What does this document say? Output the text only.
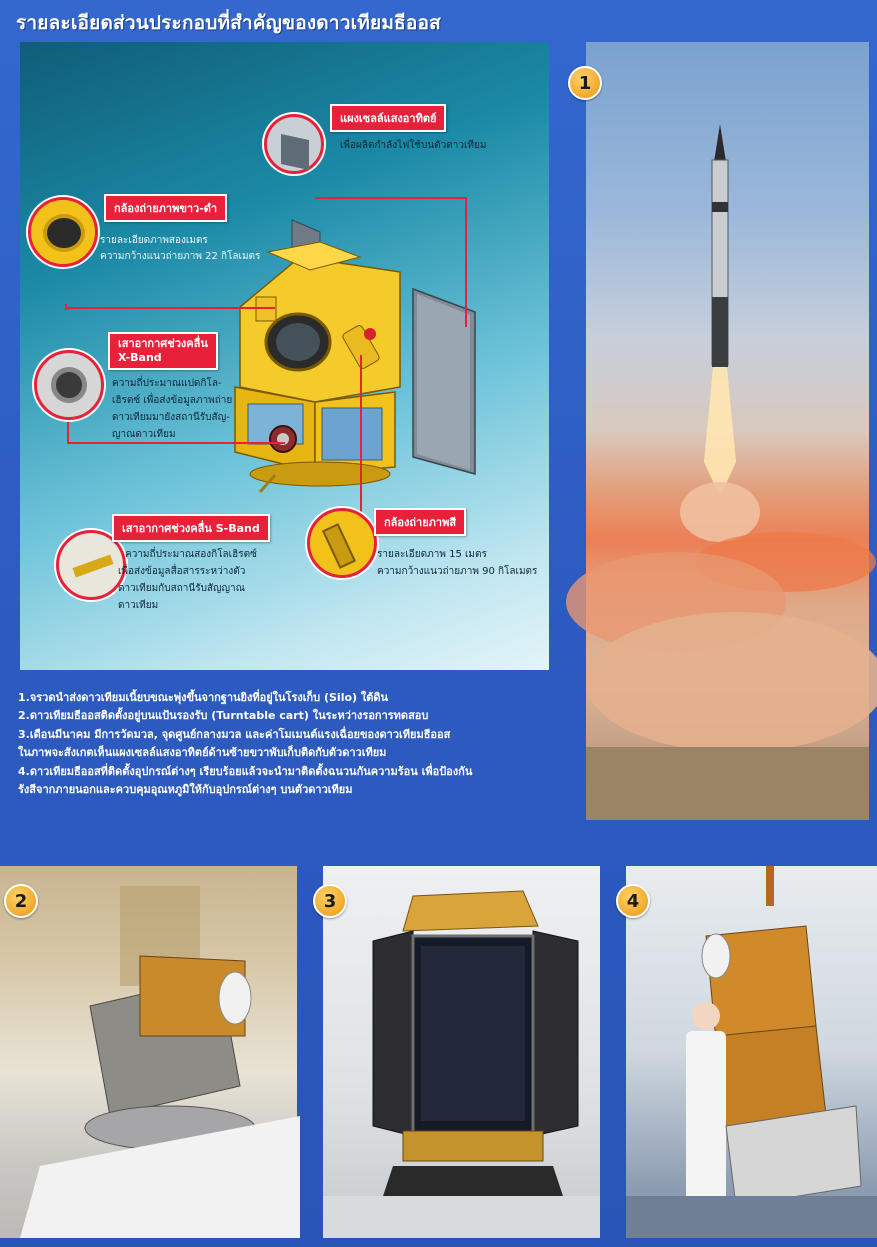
รายละเอียดส่วนประกอบที่สำคัญของดาวเทียมธีออส
แผงเซลล์แสงอาทิตย์
เพื่อผลิตกำลังไฟใช้บนตัวดาวเทียม
กล้องถ่ายภาพขาว-ดำ
รายละเอียดภาพสองเมตร
ความกว้างแนวถ่ายภาพ 22 กิโลเมตร
เสาอากาศช่วงคลื่น
X-Band
ความถี่ประมาณแปดกิโล-
เฮิรตซ์ เพื่อส่งข้อมูลภาพถ่าย
ดาวเทียมมายังสถานีรับสัญ-
ญาณดาวเทียม
เสาอากาศช่วงคลื่น S-Band
ความถี่ประมาณสองกิโลเฮิรตซ์
เพื่อส่งข้อมูลสื่อสารระหว่างตัว
ดาวเทียมกับสถานีรับสัญญาณ
ดาวเทียม
กล้องถ่ายภาพสี
รายละเอียดภาพ 15 เมตร
ความกว้างแนวถ่ายภาพ 90 กิโลเมตร
1
1.จรวดนำส่งดาวเทียมเนี้ยบขณะพุ่งขึ้นจากฐานยิงที่อยู่ในโรงเก็บ (Silo) ใต้ดิน
2.ดาวเทียมธีออสติดตั้งอยู่บนแป้นรองรับ (Turntable cart) ในระหว่างรอการทดสอบ
3.เดือนมีนาคม มีการวัดมวล, จุดศูนย์กลางมวล และค่าโมเมนต์แรงเฉื่อยของดาวเทียมธีออส
ในภาพจะสังเกตเห็นแผงเซลล์แสงอาทิตย์ด้านซ้ายขวาพับเก็บติดกับตัวดาวเทียม
4.ดาวเทียมธีออสที่ติดตั้งอุปกรณ์ต่างๆ เรียบร้อยแล้วจะนำมาติดตั้งฉนวนกันความร้อน เพื่อป้องกัน
รังสีจากภายนอกและควบคุมอุณหภูมิให้กับอุปกรณ์ต่างๆ บนตัวดาวเทียม
2	3	4
